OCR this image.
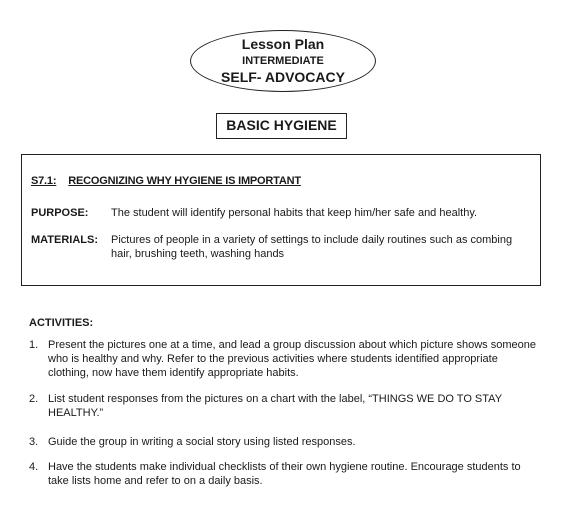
Lesson Plan
INTERMEDIATE
SELF- ADVOCACY
BASIC HYGIENE
S7.1: RECOGNIZING WHY HYGIENE IS IMPORTANT
PURPOSE: The student will identify personal habits that keep him/her safe and healthy.
MATERIALS: Pictures of people in a variety of settings to include daily routines such as combing hair, brushing teeth, washing hands
ACTIVITIES:
1. Present the pictures one at a time, and lead a group discussion about which picture shows someone who is healthy and why. Refer to the previous activities where students identified appropriate clothing, now have them identify appropriate habits.
2. List student responses from the pictures on a chart with the label, “THINGS WE DO TO STAY HEALTHY.”
3. Guide the group in writing a social story using listed responses.
4. Have the students make individual checklists of their own hygiene routine. Encourage students to take lists home and refer to on a daily basis.
